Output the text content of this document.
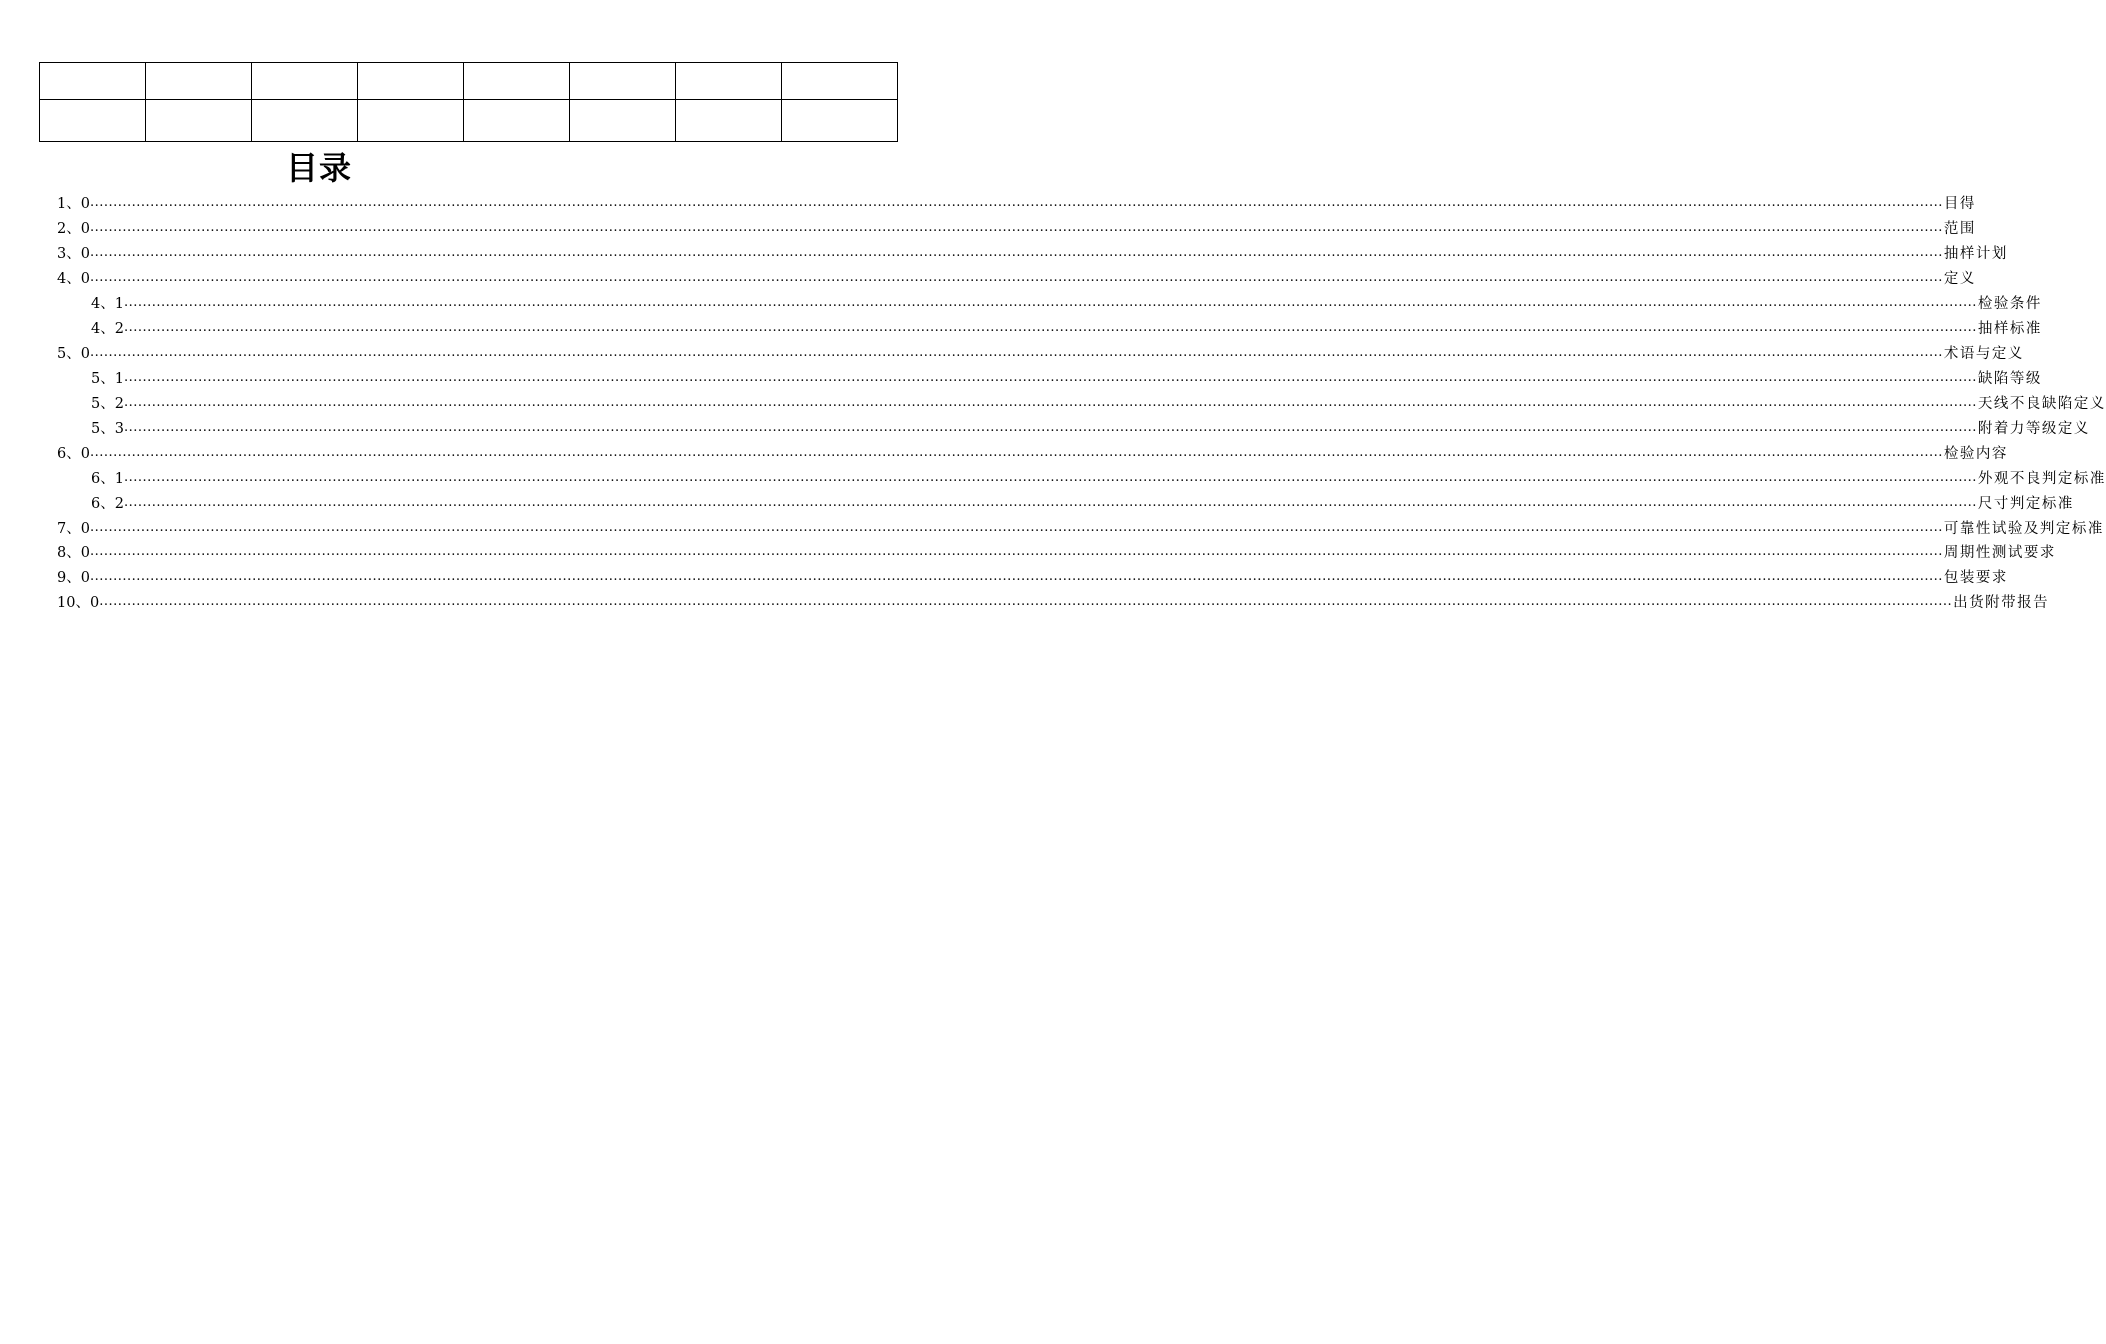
目录
1、0 ................................................................................................................................................................................................................................................................................................................................................................................................................ 目得
2、0 ................................................................................................................................................................................................................................................................................................................................................................................................................ 范围
3、0 ................................................................................................................................................................................................................................................................................................................................................................................................................ 抽样计划
4、0 ................................................................................................................................................................................................................................................................................................................................................................................................................ 定义
4、1 ................................................................................................................................................................................................................................................................................................................................................................................................................ 检验条件
4、2 ................................................................................................................................................................................................................................................................................................................................................................................................................ 抽样标准
5、0 ................................................................................................................................................................................................................................................................................................................................................................................................................ 术语与定义
5、1 ................................................................................................................................................................................................................................................................................................................................................................................................................ 缺陷等级
5、2 ................................................................................................................................................................................................................................................................................................................................................................................................................ 天线不良缺陷定义
5、3 ................................................................................................................................................................................................................................................................................................................................................................................................................ 附着力等级定义
6、0 ................................................................................................................................................................................................................................................................................................................................................................................................................ 检验内容
6、1 ................................................................................................................................................................................................................................................................................................................................................................................................................ 外观不良判定标准
6、2 ................................................................................................................................................................................................................................................................................................................................................................................................................ 尺寸判定标准
7、0 ................................................................................................................................................................................................................................................................................................................................................................................................................ 可靠性试验及判定标准
8、0 ................................................................................................................................................................................................................................................................................................................................................................................................................ 周期性测试要求
9、0 ................................................................................................................................................................................................................................................................................................................................................................................................................ 包装要求
10、0 ................................................................................................................................................................................................................................................................................................................................................................................................................ 出货附带报告
